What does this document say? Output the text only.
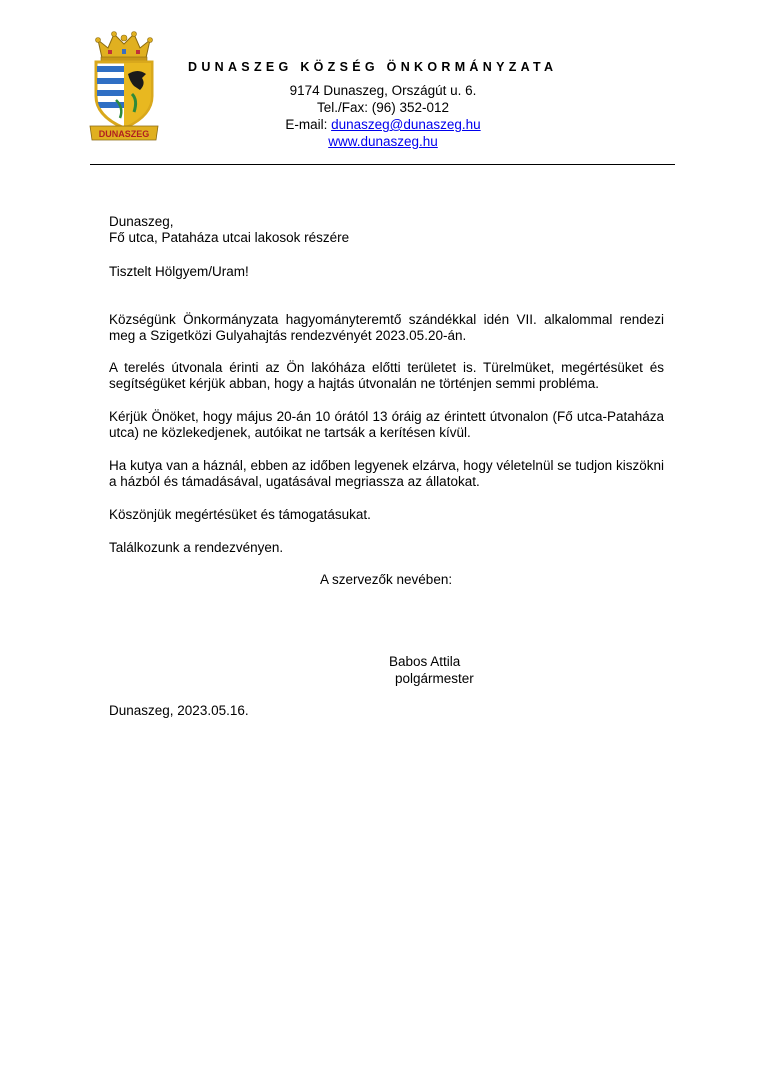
DUNASZEG
DUNASZEG KÖZSÉG ÖNKORMÁNYZATA
9174 Dunaszeg, Országút u. 6.
Tel./Fax: (96) 352-012
E-mail: dunaszeg@dunaszeg.hu
www.dunaszeg.hu
Dunaszeg,
Fő utca, Pataháza utcai lakosok részére
Tisztelt Hölgyem/Uram!
Községünk Önkormányzata hagyományteremtő szándékkal idén VII. alkalommal rendezi meg a Szigetközi Gulyahajtás rendezvényét 2023.05.20-án.
A terelés útvonala érinti az Ön lakóháza előtti területet is. Türelmüket, megértésüket és segítségüket kérjük abban, hogy a hajtás útvonalán ne történjen semmi probléma.
Kérjük Önöket, hogy május 20-án 10 órától 13 óráig az érintett útvonalon (Fő utca-Pataháza utca) ne közlekedjenek, autóikat ne tartsák a kerítésen kívül.
Ha kutya van a háznál, ebben az időben legyenek elzárva, hogy véletelnül se tudjon kiszökni a házból és támadásával, ugatásával megriassza az állatokat.
Köszönjük megértésüket és támogatásukat.
Találkozunk a rendezvényen.
A szervezők nevében:
Babos Attila
polgármester
Dunaszeg, 2023.05.16.
